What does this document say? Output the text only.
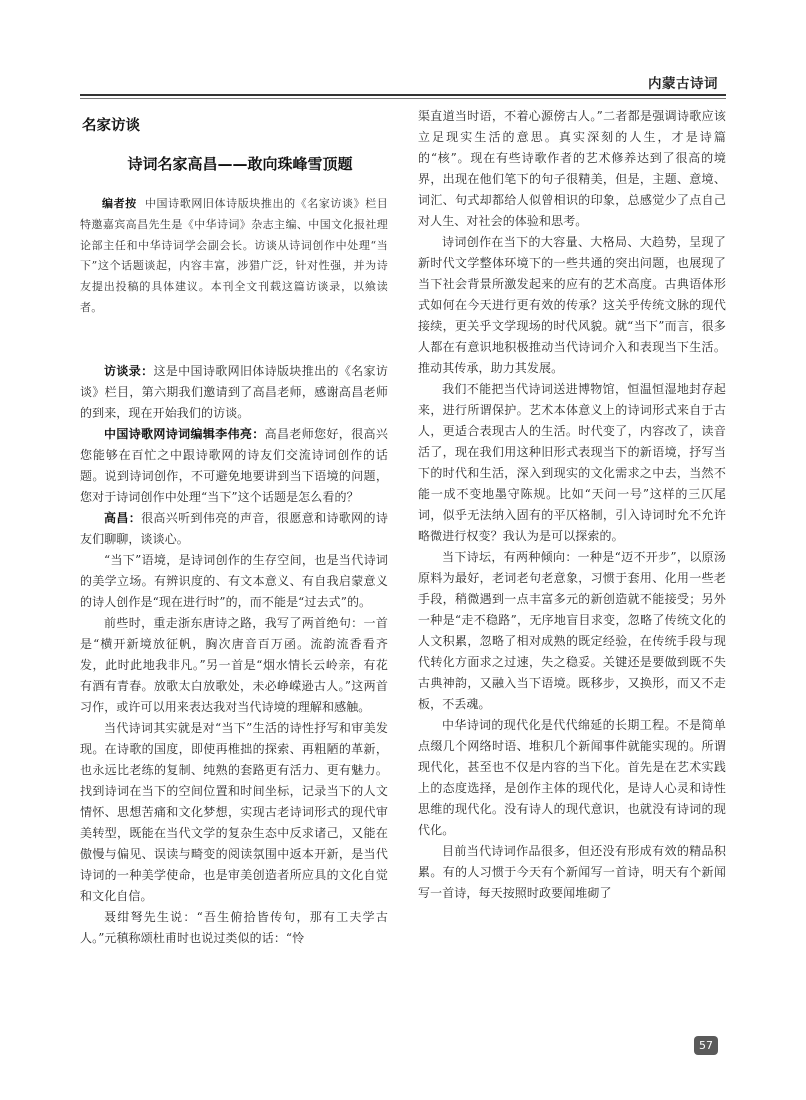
内蒙古诗词
名家访谈
诗词名家高昌——敢向珠峰雪顶题
编者按 中国诗歌网旧体诗版块推出的《名家访谈》栏目特邀嘉宾高昌先生是《中华诗词》杂志主编、中国文化报社理论部主任和中华诗词学会副会长。访谈从诗词创作中处理“当下”这个话题谈起，内容丰富，涉猎广泛，针对性强，并为诗友提出投稿的具体建议。本刊全文刊载这篇访谈录，以飨读者。

访谈录：这是中国诗歌网旧体诗版块推出的《名家访谈》栏目，第六期我们邀请到了高昌老师，感谢高昌老师的到来，现在开始我们的访谈。

中国诗歌网诗词编辑李伟亮：高昌老师您好，很高兴您能够在百忙之中跟诗歌网的诗友们交流诗词创作的话题。说到诗词创作，不可避免地要讲到当下语境的问题，您对于诗词创作中处理“当下”这个话题是怎么看的？

高昌：很高兴听到伟亮的声音，很愿意和诗歌网的诗友们聊聊，谈谈心。

“当下”语境，是诗词创作的生存空间，也是当代诗词的美学立场。有辨识度的、有文本意义、有自我启蒙意义的诗人创作是“现在进行时”的，而不能是“过去式”的。

前些时，重走浙东唐诗之路，我写了两首绝句：一首是“横开新境放征帆，胸次唐音百万函。流韵流香看齐发，此时此地我非凡。”另一首是“烟水情长云岭亲，有花有酒有青春。放歌太白放歌处，未必峥嵘逊古人。”这两首习作，或许可以用来表达我对当代诗境的理解和感触。

当代诗词其实就是对“当下”生活的诗性抒写和审美发现。在诗歌的国度，即使再椎拙的探索、再粗陋的革新，也永远比老练的复制、纯熟的套路更有活力、更有魅力。找到诗词在当下的空间位置和时间坐标，记录当下的人文情怀、思想苦痛和文化梦想，实现古老诗词形式的现代审美转型，既能在当代文学的复杂生态中反求诸己，又能在傲慢与偏见、误读与畸变的阅读氛围中返本开新，是当代诗词的一种美学使命，也是审美创造者所应具的文化自觉和文化自信。

聂绀弩先生说：“吾生俯拾皆传句，那有工夫学古人。”元稹称颂杜甫时也说过类似的话：“怜

渠直道当时语，不着心源傍古人。”二者都是强调诗歌应该立足现实生活的意思。真实深刻的人生，才是诗篇的“核”。现在有些诗歌作者的艺术修养达到了很高的境界，出现在他们笔下的句子很精美，但是，主题、意境、词汇、句式却都给人似曾相识的印象，总感觉少了点自己对人生、对社会的体验和思考。

诗词创作在当下的大容量、大格局、大趋势，呈现了新时代文学整体环境下的一些共通的突出问题，也展现了当下社会背景所激发起来的应有的艺术高度。古典语体形式如何在今天进行更有效的传承？这关乎传统文脉的现代接续，更关乎文学现场的时代风貌。就“当下”而言，很多人都在有意识地积极推动当代诗词介入和表现当下生活。推动其传承，助力其发展。

我们不能把当代诗词送进博物馆，恒温恒湿地封存起来，进行所谓保护。艺术本体意义上的诗词形式来自于古人，更适合表现古人的生活。时代变了，内容改了，读音活了，现在我们用这种旧形式表现当下的新语境，抒写当下的时代和生活，深入到现实的文化需求之中去，当然不能一成不变地墨守陈规。比如“天问一号”这样的三仄尾词，似乎无法纳入固有的平仄格制，引入诗词时允不允许略微进行权变？我认为是可以探索的。

当下诗坛，有两种倾向：一种是“迈不开步”，以原汤原料为最好，老词老句老意象，习惯于套用、化用一些老手段，稍微遇到一点丰富多元的新创造就不能接受；另外一种是“走不稳路”，无序地盲目求变，忽略了传统文化的人文积累，忽略了相对成熟的既定经验，在传统手段与现代转化方面求之过速，失之稳妥。关键还是要做到既不失古典神韵，又融入当下语境。既移步，又换形，而又不走板，不丢魂。

中华诗词的现代化是代代绵延的长期工程。不是简单点缀几个网络时语、堆积几个新闻事件就能实现的。所谓现代化，甚至也不仅是内容的当下化。首先是在艺术实践上的态度选择，是创作主体的现代化，是诗人心灵和诗性思维的现代化。没有诗人的现代意识，也就没有诗词的现代化。

目前当代诗词作品很多，但还没有形成有效的精品积累。有的人习惯于今天有个新闻写一首诗，明天有个新闻写一首诗，每天按照时政要闻堆砌了

57
